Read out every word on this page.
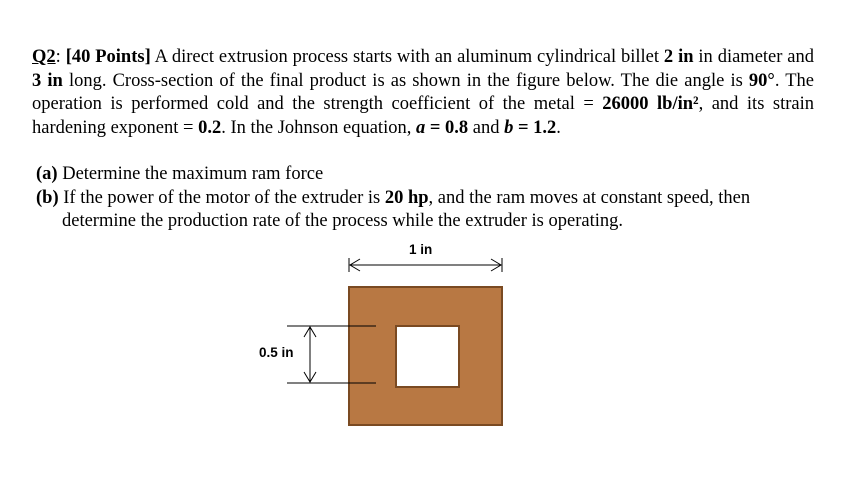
Q2: [40 Points] A direct extrusion process starts with an aluminum cylindrical billet 2 in in diameter and 3 in long. Cross-section of the final product is as shown in the figure below. The die angle is 90°. The operation is performed cold and the strength coefficient of the metal = 26000 lb/in², and its strain hardening exponent = 0.2. In the Johnson equation, a = 0.8 and b = 1.2.
(a) Determine the maximum ram force
(b) If the power of the motor of the extruder is 20 hp, and the ram moves at constant speed, then
determine the production rate of the process while the extruder is operating.
1 in
0.5 in
